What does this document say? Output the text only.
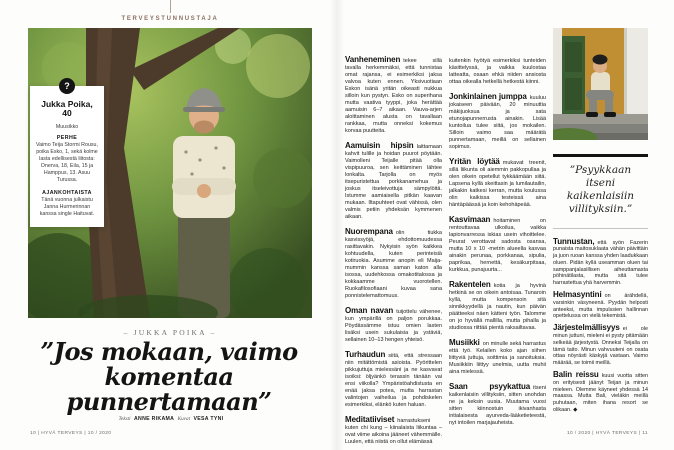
TERVEYSTUNNUSTAJA
?
Jukka Poika, 40
Muusikko
PERHE
Vaimo Teija Stormi Rousu, poika Esko, 1, sekä kolme lasta edellisestä liitosta: Onerva, 18, Eila, 15 ja Hamppus, 13. Asuu Turussa.
AJANKOHTAISTA
Tänä vuonna julkaistu Janna Hurmerinnan kanssa single Haituvat.
– JUKKA POIKA –
”Jos mokaan, vaimo komentaa punnertamaan”
Teksti ANNE RIKAMA Kuvat VESA TYNI
10 | HYVÄ TERVEYS | 10 / 2020

Vanheneminen tekee sillä tavalla herkemmäksi, että tunnistaa omat rajansa, ei esimerkiksi jaksa valvoa kuten ennen. Yksivuotiaan Eskon isänä yritän oikeasti nukkua silloin kun pystyn. Esko on superihana mutta vaativa tyyppi, joka herättää aamuisin 6–7 aikaan. Vauva-arjen aloittaminen alusta on tavallaan rankkaa, mutta onneksi kokemus korvaa puutteita.

Aamuisin hipsin laittamaan kahvit tulille ja hoidan puurot pöytään. Vaimolleni Teijalle pitää olla vispipuuroa, sen keittäminen lähtee lonkalta. Tarjolla on myös itsepuristettua porkkanamehua ja joskus itseleivottuja sämpylöitä. Istumme aamiaisella pitkän kaavan mukaan. Iltapuhteet ovat vähissä, olen valmis petiin yhdeksän kymmenen aikaan.

Nuorempana olin tiukka kasvissyöjä, ehdottomuudessa rasittavakin. Nykyisin syön kaikkea kohtuudella, kuten perinteisiä kotiruokia. Asumme anopin eli Maija-mummin kanssa saman katon alla isossa, uudehkossa omakotitalossa ja kokkaamme vuorotellen. Ruokafilosofiaani kuvaa sana ponnistelemattomuus.

Oman navan tuijottelu vähenee, kun ympärillä on paljon porukkaa. Pöydässämme istuu omien lasten lisäksi usein sukulaisia ja ystäviä, sellainen 10–13 hengen yhteisö.

Turhaudun siitä, että stressaan niin mitättömistä asioista. Pyörittelen pikkujuttuja mielessäni ja ne kasvavat isoiksi: öljyänkö terassin tänään vai ensi viikolla? Ympäristöahdistusta en enää jaksa potea, mutta harrastan valintojen vaiheilua ja pohdiskelen esimerkiksi, elänkö kuten haluan.

Meditatiiviset harrastukseni kuten chi kung – kiinalaista liikuntaa – ovat viime aikoina jääneet vähemmälle. Luulen, että niistä on ollut elämässä

kuitenkin hyötyä esimerkiksi tunteiden käsittelyssä, ja vaikka kuulostaa latteatta, osaan ehkä niiden ansiosta ottaa oikealla hetkellä hetkestä kiinni.

Jonkinlainen jumppa kuuluu jokaiseen päivään, 20 minuuttia mäkijuoksua ja sata etunojapunnerrusta ainakin. Lisää kuntoilua tulee siitä, jos mokailen. Silloin vaimo saa määrätä punnertamaan, meillä on sellainen sopimus.

Yritän löytää mukavat treenit, sillä liikunta oli aiemmin pakkopullaa ja olen oikein opetellut tykkäämään siitä. Lapsena kyllä skeittasin ja lumilautailin, jalkakin katkesi kerran, mutta koulussa olin kaikissa testeissä aina häntäpäässä ja koin kehohäpeää.

Kasvimaan hoitaminen on rentouttavaa ulkoilua, vaikka lapionvarressa iskias usein vihoittelee. Peurat verottavat sadosta osansa, mutta 10 x 10 -metrin alueella kasvaa ainakin perunaa, porkkanaa, sipulia, paprikaa, hernettä, kesäkurpitsaa, kurkkua, punajuurta...

Rakentelen kotia ja hyvinä hetkinä se on oikein antoisaa. Tunaroin kyllä, mutta kompensoin sitä sinnikkyydellä ja nautin, kun päivän päätteeksi näen kätteni työn. Talomme on jo hyvällä mallilla, mutta pihalla ja studiossa riittää pientä raksailtavaa.

Musiikki on minulle sekä harrastus että työ. Kelailen koko ajan siihen liittyviä juttuja, soittimia ja sanoituksia. Musiikkiin liittyy unelmia, uutta muhii aina mielessä.

Saan psyykattua itseni kaikenlaisiin villityksiin, sitten unohdan ne ja keksin uusia. Muutama vuosi sitten kiinnostuin ikivanhasta intialaisesta ayurveda-lääketieteestä, nyt intoilen marjajauheista.

”Psyykkaan itseni kaikenlaisiin villityksiin.”

Tunnustan, että syön Fazerin punaista maitosuklaata vähän päivittäin ja juon ruoan kanssa yhden laadukkaan oluen. Pidän kyllä useamman oluen tai samppanjalasillisen aiheuttamasta pöhinätilasta, mutta sitä tulee harrastettua yhä harvemmin.

Helmasyntini on ärähdellä, varsinkin väsyneenä. Pyydän helposti anteeksi, mutta impulssien hallinnan opettelussa on vielä tekemistä.

Järjestelmällisyys ei ole minun juttuni, mieleni ei pysty pitämään selkeää järjestystä. Onneksi Teijalla on tämä taito. Minun vahvuuteni on osata ottaa nöyrästi käskyjä vastaan. Vaimo määrää, se toimii meillä.

Balin reissu kuusi vuotta sitten on erityisesti jäänyt Teijan ja minun mieleen. Olemme käyneet yhdessä 14 maassa. Mutta Bali, vieläkin meillä puhutaan, miten ihana resort se olikaan. ◆

10 / 2020 | HYVÄ TERVEYS | 11
